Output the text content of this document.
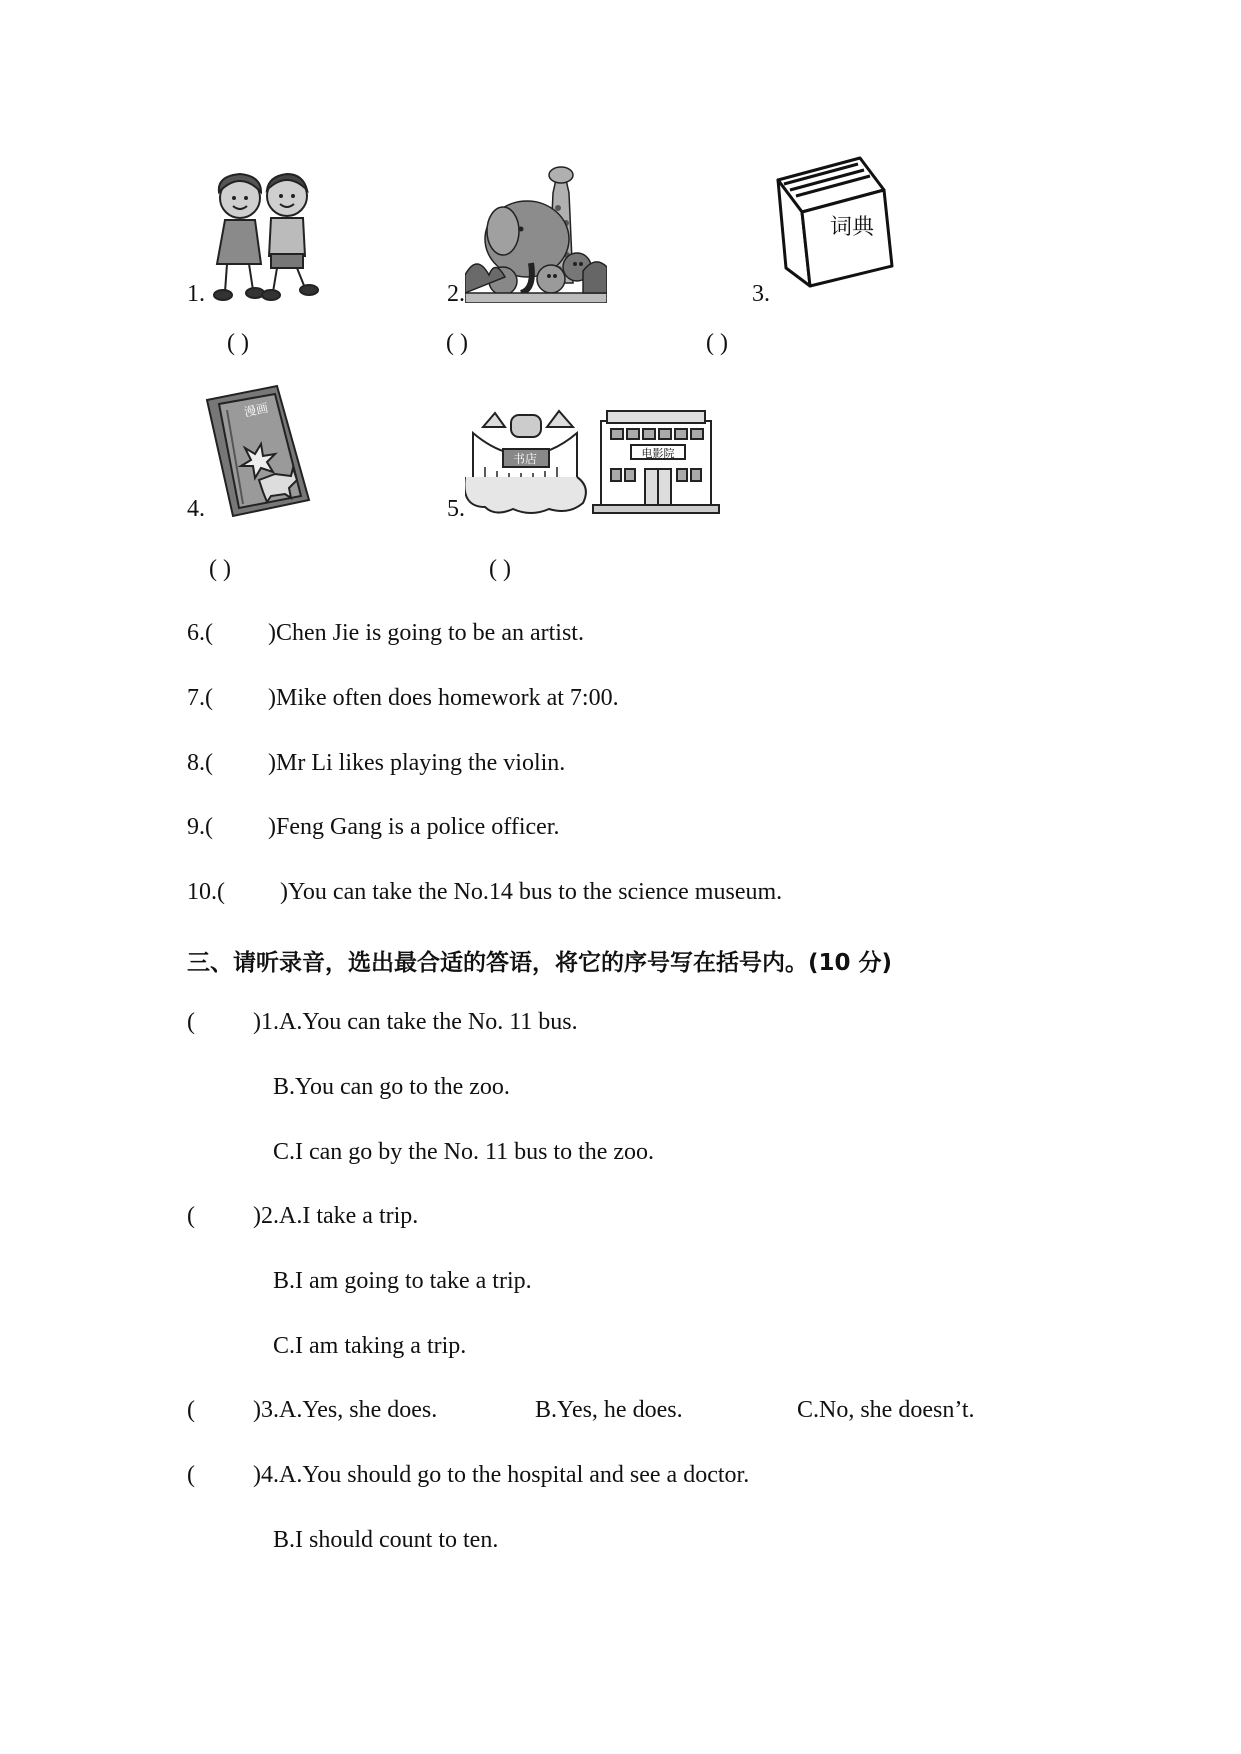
1.	2.	3.
词典
( )	( )	( )
4.
漫画
5.
书店	电影院
( )	( )
6.( )Chen Jie is going to be an artist.
7.( )Mike often does homework at 7:00.
8.( )Mr Li likes playing the violin.
9.( )Feng Gang is a police officer.
10.( )You can take the No.14 bus to the science museum.
三、请听录音，选出最合适的答语，将它的序号写在括号内。(10 分)
( )1.A.You can take the No. 11 bus.
B.You can go to the zoo.
C.I can go by the No. 11 bus to the zoo.
( )2.A.I take a trip.
B.I am going to take a trip.
C.I am taking a trip.
( )3.A.Yes, she does.	B.Yes, he does.	C.No, she doesn’t.
( )4.A.You should go to the hospital and see a doctor.
B.I should count to ten.
